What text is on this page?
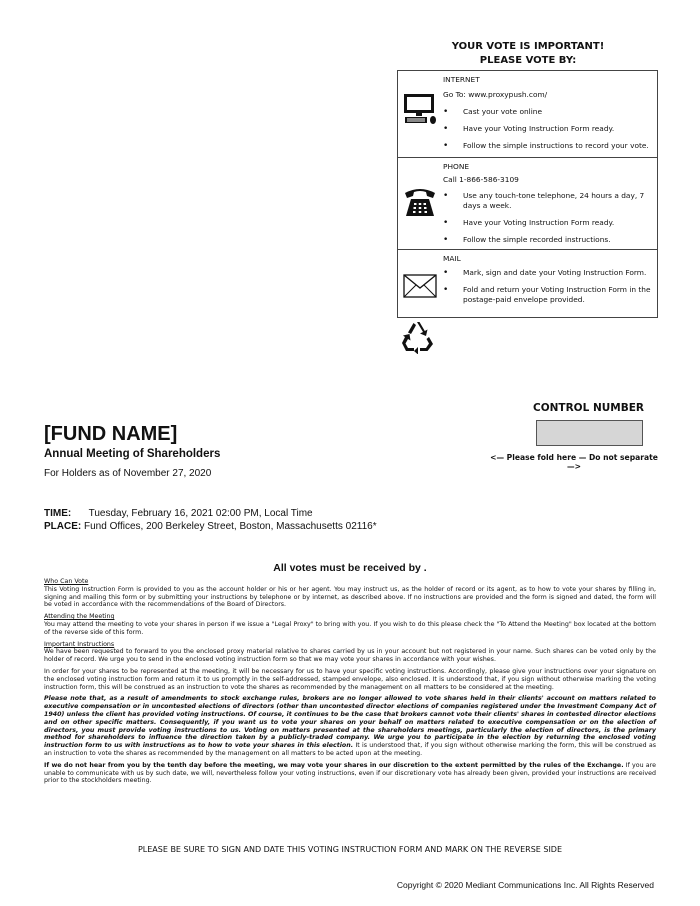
YOUR VOTE IS IMPORTANT!
PLEASE VOTE BY:
INTERNET
Go To: www.proxypush.com/
• Cast your vote online
• Have your Voting Instruction Form ready.
• Follow the simple instructions to record your vote.
PHONE
Call 1-866-586-3109
• Use any touch-tone telephone, 24 hours a day, 7 days a week.
• Have your Voting Instruction Form ready.
• Follow the simple recorded instructions.
MAIL
• Mark, sign and date your Voting Instruction Form.
• Fold and return your Voting Instruction Form in the postage-paid envelope provided.
CONTROL NUMBER
<— Please fold here — Do not separate —>
[FUND NAME]
Annual Meeting of Shareholders
For Holders as of November 27, 2020
TIME: Tuesday, February 16, 2021 02:00 PM, Local Time
PLACE: Fund Offices, 200 Berkeley Street, Boston, Massachusetts 02116*
All votes must be received by .
Who Can Vote

This Voting Instruction Form is provided to you as the account holder or his or her agent. You may instruct us, as the holder of record or its agent, as to how to vote your shares by filling in, signing and mailing this form or by submitting your instructions by telephone or by internet, as described above. If no instructions are provided and the form is signed and dated, the form will be voted in accordance with the recommendations of the Board of Directors.

Attending the Meeting

You may attend the meeting to vote your shares in person if we issue a "Legal Proxy" to bring with you. If you wish to do this please check the "To Attend the Meeting" box located at the bottom of the reverse side of this form.

Important Instructions

We have been requested to forward to you the enclosed proxy material relative to shares carried by us in your account but not registered in your name. Such shares can be voted only by the holder of record. We urge you to send in the enclosed voting instruction form so that we may vote your shares in accordance with your wishes.

In order for your shares to be represented at the meeting, it will be necessary for us to have your specific voting instructions. Accordingly, please give your instructions over your signature on the enclosed voting instruction form and return it to us promptly in the self-addressed, stamped envelope, also enclosed. It is understood that, if you sign without otherwise marking the voting instruction form, this will be construed as an instruction to vote the shares as recommended by the management on all matters to be considered at the meeting.

Please note that, as a result of amendments to stock exchange rules, brokers are no longer allowed to vote shares held in their clients' account on matters related to executive compensation or in uncontested elections of directors (other than uncontested director elections of companies registered under the Investment Company Act of 1940) unless the client has provided voting instructions. Of course, it continues to be the case that brokers cannot vote their clients' shares in contested director elections and on other specific matters. Consequently, if you want us to vote your shares on your behalf on matters related to executive compensation or on the election of directors, you must provide voting instructions to us. Voting on matters presented at the shareholders meetings, particularly the election of directors, is the primary method for shareholders to influence the direction taken by a publicly-traded company. We urge you to participate in the election by returning the enclosed voting instruction form to us with instructions as to how to vote your shares in this election. It is understood that, if you sign without otherwise marking the form, this will be construed as an instruction to vote the shares as recommended by the management on all matters to be acted upon at the meeting.

If we do not hear from you by the tenth day before the meeting, we may vote your shares in our discretion to the extent permitted by the rules of the Exchange. If you are unable to communicate with us by such date, we will, nevertheless follow your voting instructions, even if our discretionary vote has already been given, provided your instructions are received prior to the stockholders meeting.

PLEASE BE SURE TO SIGN AND DATE THIS VOTING INSTRUCTION FORM AND MARK ON THE REVERSE SIDE
Copyright © 2020 Mediant Communications Inc. All Rights Reserved
